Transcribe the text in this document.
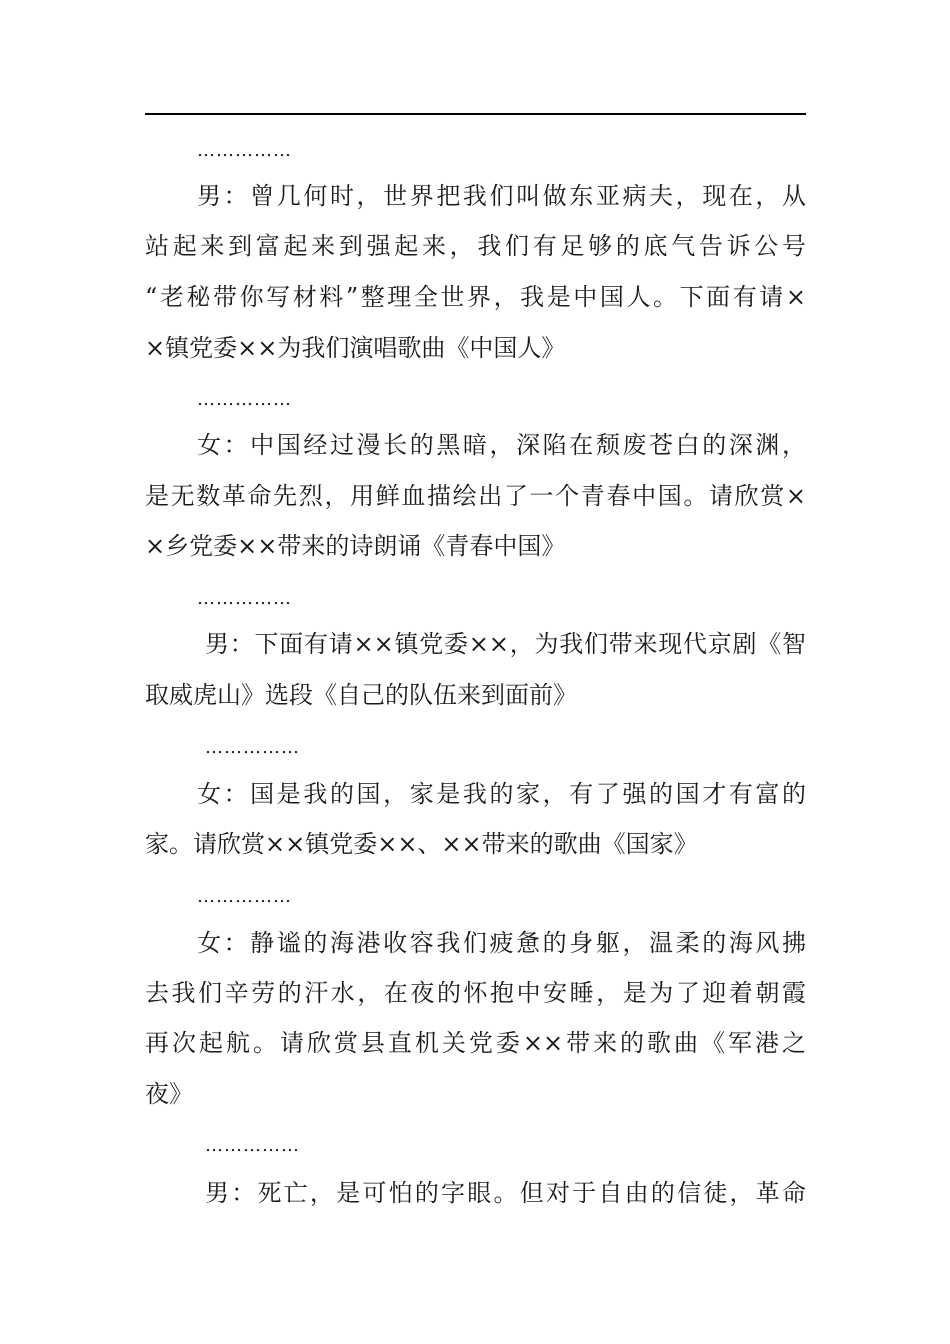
……………
男：曾几何时，世界把我们叫做东亚病夫，现在，从
站起来到富起来到强起来，我们有足够的底气告诉公号
“老秘带你写材料”整理全世界，我是中国人。下面有请×
×镇党委××为我们演唱歌曲《中国人》
……………
女：中国经过漫长的黑暗，深陷在颓废苍白的深渊，
是无数革命先烈，用鲜血描绘出了一个青春中国。请欣赏×
×乡党委××带来的诗朗诵《青春中国》
……………
男：下面有请××镇党委××，为我们带来现代京剧《智
取威虎山》选段《自己的队伍来到面前》
……………
女：国是我的国，家是我的家，有了强的国才有富的
家。请欣赏××镇党委××、××带来的歌曲《国家》
……………
女：静谧的海港收容我们疲惫的身躯，温柔的海风拂
去我们辛劳的汗水，在夜的怀抱中安睡，是为了迎着朝霞
再次起航。请欣赏县直机关党委××带来的歌曲《军港之
夜》
……………
男：死亡，是可怕的字眼。但对于自由的信徒，革命
